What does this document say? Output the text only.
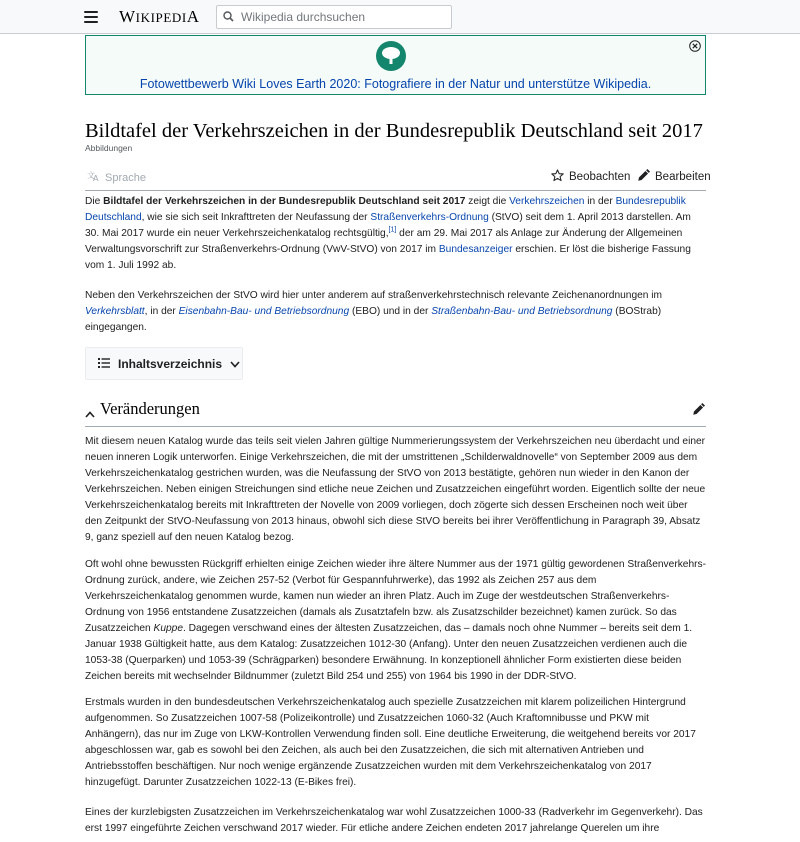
WIKIPEDIA
Wikipedia durchsuchen
Fotowettbewerb Wiki Loves Earth 2020: Fotografiere in der Natur und unterstütze Wikipedia.
Bildtafel der Verkehrszeichen in der Bundesrepublik Deutschland seit 2017
Abbildungen
文
A Sprache	Beobachten Bearbeiten

Die Bildtafel der Verkehrszeichen in der Bundesrepublik Deutschland seit 2017 zeigt die Verkehrszeichen in der Bundesrepublik Deutschland, wie sie sich seit Inkrafttreten der Neufassung der Straßenverkehrs-Ordnung (StVO) seit dem 1. April 2013 darstellen. Am 30. Mai 2017 wurde ein neuer Verkehrszeichenkatalog rechtsgültig,[1] der am 29. Mai 2017 als Anlage zur Änderung der Allgemeinen Verwaltungsvorschrift zur Straßenverkehrs-Ordnung (VwV-StVO) von 2017 im Bundesanzeiger erschien. Er löst die bisherige Fassung vom 1. Juli 1992 ab.

Neben den Verkehrszeichen der StVO wird hier unter anderem auf straßenverkehrstechnisch relevante Zeichenanordnungen im Verkehrsblatt, in der Eisenbahn-Bau- und Betriebsordnung (EBO) und in der Straßenbahn-Bau- und Betriebsordnung (BOStrab) eingegangen.

Inhaltsverzeichnis
Veränderungen

Mit diesem neuen Katalog wurde das teils seit vielen Jahren gültige Nummerierungssystem der Verkehrszeichen neu überdacht und einer neuen inneren Logik unterworfen. Einige Verkehrszeichen, die mit der umstrittenen „Schilderwaldnovelle“ von September 2009 aus dem Verkehrszeichenkatalog gestrichen wurden, was die Neufassung der StVO von 2013 bestätigte, gehören nun wieder in den Kanon der Verkehrszeichen. Neben einigen Streichungen sind etliche neue Zeichen und Zusatzzeichen eingeführt worden. Eigentlich sollte der neue Verkehrszeichenkatalog bereits mit Inkrafttreten der Novelle von 2009 vorliegen, doch zögerte sich dessen Erscheinen noch weit über den Zeitpunkt der StVO-Neufassung von 2013 hinaus, obwohl sich diese StVO bereits bei ihrer Veröffentlichung in Paragraph 39, Absatz 9, ganz speziell auf den neuen Katalog bezog.

Oft wohl ohne bewussten Rückgriff erhielten einige Zeichen wieder ihre ältere Nummer aus der 1971 gültig gewordenen Straßenverkehrs-Ordnung zurück, andere, wie Zeichen 257-52 (Verbot für Gespannfuhrwerke), das 1992 als Zeichen 257 aus dem Verkehrszeichenkatalog genommen wurde, kamen nun wieder an ihren Platz. Auch im Zuge der westdeutschen Straßenverkehrs-Ordnung von 1956 entstandene Zusatzzeichen (damals als Zusatztafeln bzw. als Zusatzschilder bezeichnet) kamen zurück. So das Zusatzzeichen Kuppe. Dagegen verschwand eines der ältesten Zusatzzeichen, das – damals noch ohne Nummer – bereits seit dem 1. Januar 1938 Gültigkeit hatte, aus dem Katalog: Zusatzzeichen 1012-30 (Anfang). Unter den neuen Zusatzzeichen verdienen auch die 1053-38 (Querparken) und 1053-39 (Schrägparken) besondere Erwähnung. In konzeptionell ähnlicher Form existierten diese beiden Zeichen bereits mit wechselnder Bildnummer (zuletzt Bild 254 und 255) von 1964 bis 1990 in der DDR-StVO.

Erstmals wurden in den bundesdeutschen Verkehrszeichenkatalog auch spezielle Zusatzzeichen mit klarem polizeilichen Hintergrund aufgenommen. So Zusatzzeichen 1007-58 (Polizeikontrolle) und Zusatzzeichen 1060-32 (Auch Kraftomnibusse und PKW mit Anhängern), das nur im Zuge von LKW-Kontrollen Verwendung finden soll. Eine deutliche Erweiterung, die weitgehend bereits vor 2017 abgeschlossen war, gab es sowohl bei den Zeichen, als auch bei den Zusatzzeichen, die sich mit alternativen Antrieben und Antriebsstoffen beschäftigen. Nur noch wenige ergänzende Zusatzzeichen wurden mit dem Verkehrszeichenkatalog von 2017 hinzugefügt. Darunter Zusatzzeichen 1022-13 (E-Bikes frei).

Eines der kurzlebigsten Zusatzzeichen im Verkehrszeichenkatalog war wohl Zusatzzeichen 1000-33 (Radverkehr im Gegenverkehr). Das erst 1997 eingeführte Zeichen verschwand 2017 wieder. Für etliche andere Zeichen endeten 2017 jahrelange Querelen um ihre
